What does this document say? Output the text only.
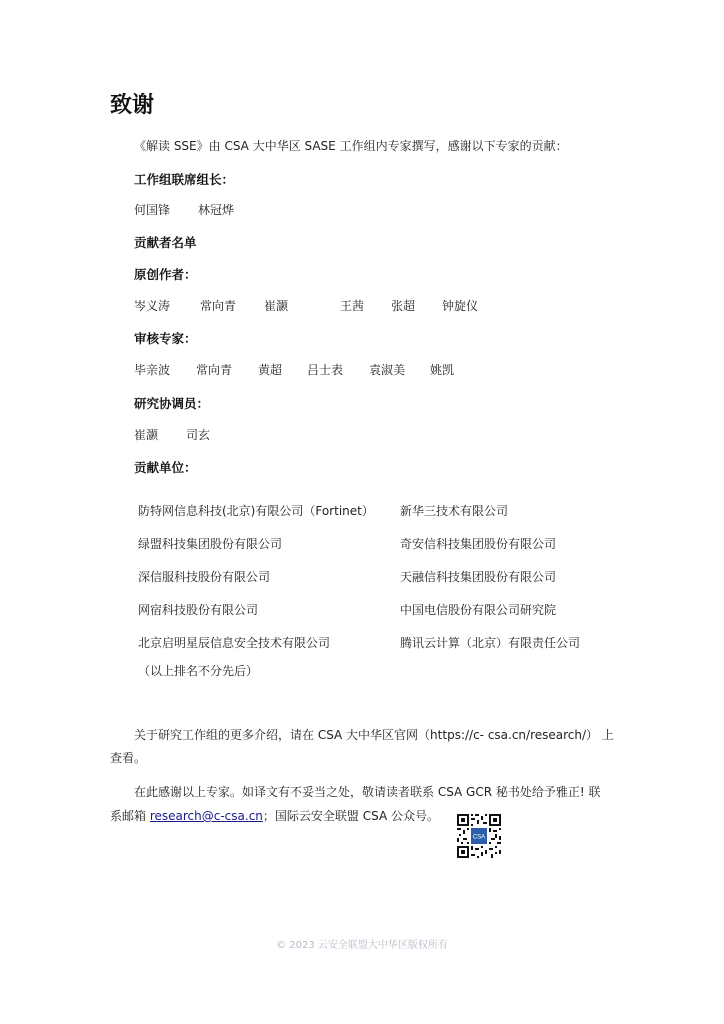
致谢
《解读 SSE》由 CSA 大中华区 SASE 工作组内专家撰写，感谢以下专家的贡献：
工作组联席组长：
何国锋 林冠烨
贡献者名单
原创作者：
岑义涛 常向青 崔灏	王茜 张超 钟旋仪
审核专家：
毕亲波 常向青 黄超 吕士表 袁淑美 姚凯
研究协调员：
崔灏 司玄
贡献单位：
防特网信息科技(北京)有限公司（Fortinet）
绿盟科技集团股份有限公司
深信服科技股份有限公司
网宿科技股份有限公司
北京启明星辰信息安全技术有限公司
新华三技术有限公司
奇安信科技集团股份有限公司
天融信科技集团股份有限公司
中国电信股份有限公司研究院
腾讯云计算（北京）有限责任公司
（以上排名不分先后）
关于研究工作组的更多介绍，请在 CSA 大中华区官网（https://c- csa.cn/research/） 上
查看。
在此感谢以上专家。如译文有不妥当之处，敬请读者联系 CSA GCR 秘书处给予雅正! 联
系邮箱 research@c-csa.cn；国际云安全联盟 CSA 公众号。
CSA
© 2023 云安全联盟大中华区版权所有
